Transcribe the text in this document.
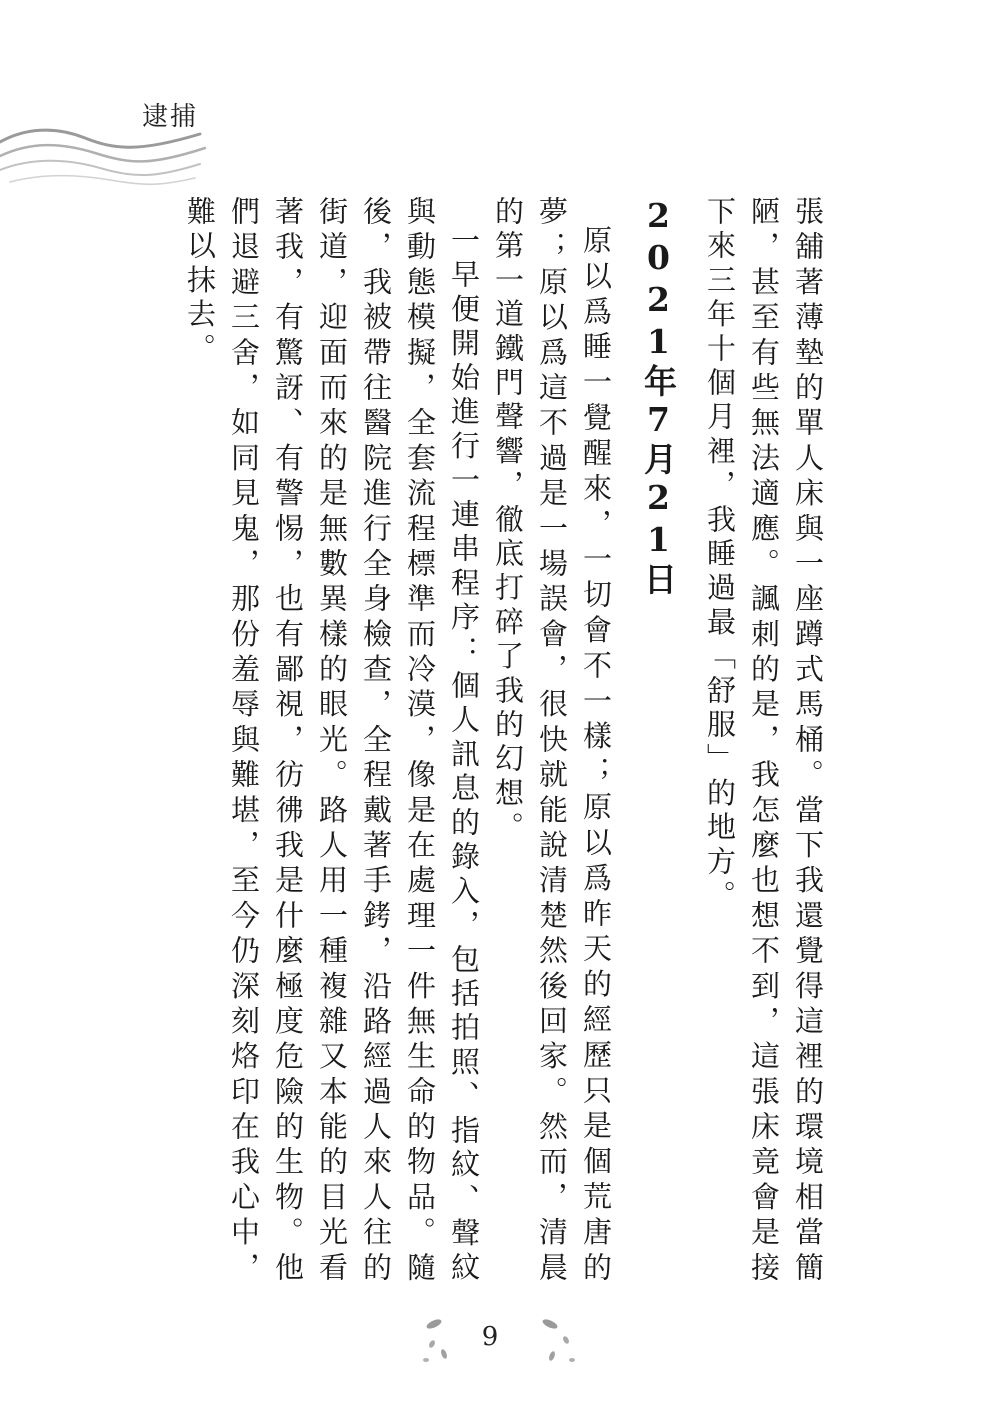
逮捕

張舖著薄墊的單人床與一座蹲式馬桶。當下我還覺得這裡的環境相當簡陋，甚至有些無法適應。諷刺的是，我怎麼也想不到，這張床竟會是接下來三年十個月裡，我睡過最「舒服」的地方。

2021年7月21日

原以爲睡一覺醒來，一切會不一樣；原以爲昨天的經歷只是個荒唐的夢；原以爲這不過是一場誤會，很快就能說清楚然後回家。然而，清晨的第一道鐵門聲響，徹底打碎了我的幻想。

一早便開始進行一連串程序：個人訊息的錄入，包括拍照、指紋、聲紋與動態模擬，全套流程標準而冷漠，像是在處理一件無生命的物品。隨後，我被帶往醫院進行全身檢查，全程戴著手銬，沿路經過人來人往的街道，迎面而來的是無數異樣的眼光。路人用一種複雜又本能的目光看著我，有驚訝、有警惕，也有鄙視，彷彿我是什麼極度危險的生物。他們退避三舍，如同見鬼，那份羞辱與難堪，至今仍深刻烙印在我心中，難以抹去。

9
